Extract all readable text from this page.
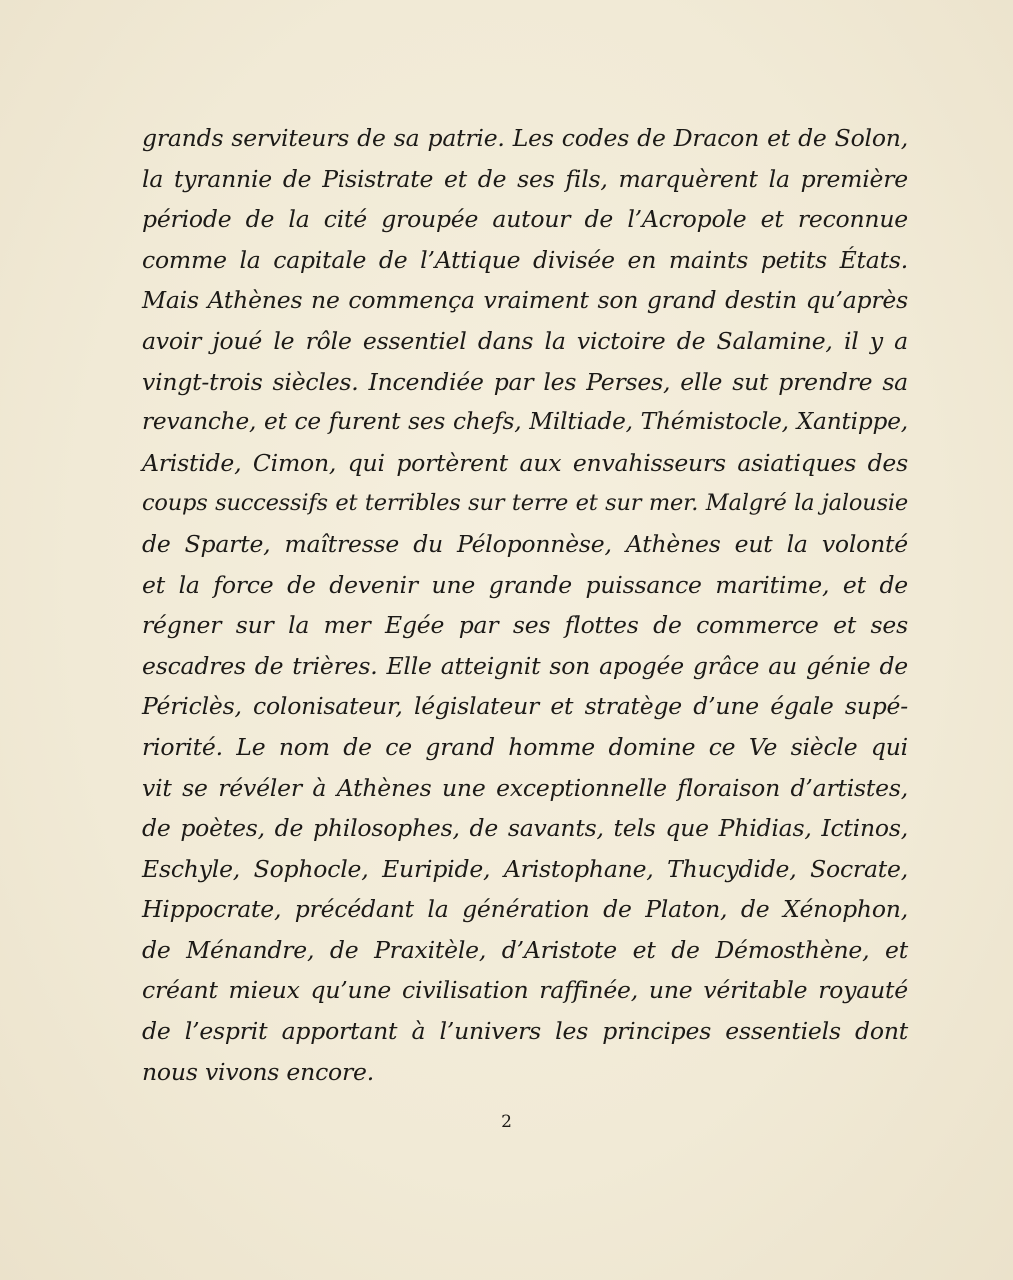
grands serviteurs de sa patrie. Les codes de Dracon et de Solon,
la tyrannie de Pisistrate et de ses fils, marquèrent la première
période de la cité groupée autour de l’Acropole et reconnue
comme la capitale de l’Attique divisée en maints petits États.
Mais Athènes ne commença vraiment son grand destin qu’après
avoir joué le rôle essentiel dans la victoire de Salamine, il y a
vingt-trois siècles. Incendiée par les Perses, elle sut prendre sa
revanche, et ce furent ses chefs, Miltiade, Thémistocle, Xantippe,
Aristide, Cimon, qui portèrent aux envahisseurs asiatiques des
coups successifs et terribles sur terre et sur mer. Malgré la jalousie
de Sparte, maîtresse du Péloponnèse, Athènes eut la volonté
et la force de devenir une grande puissance maritime, et de
régner sur la mer Egée par ses flottes de commerce et ses
escadres de trières. Elle atteignit son apogée grâce au génie de
Périclès, colonisateur, législateur et stratège d’une égale supé-
riorité. Le nom de ce grand homme domine ce Ve siècle qui
vit se révéler à Athènes une exceptionnelle floraison d’artistes,
de poètes, de philosophes, de savants, tels que Phidias, Ictinos,
Eschyle, Sophocle, Euripide, Aristophane, Thucydide, Socrate,
Hippocrate, précédant la génération de Platon, de Xénophon,
de Ménandre, de Praxitèle, d’Aristote et de Démosthène, et
créant mieux qu’une civilisation raffinée, une véritable royauté
de l’esprit apportant à l’univers les principes essentiels dont
nous vivons encore.
2
